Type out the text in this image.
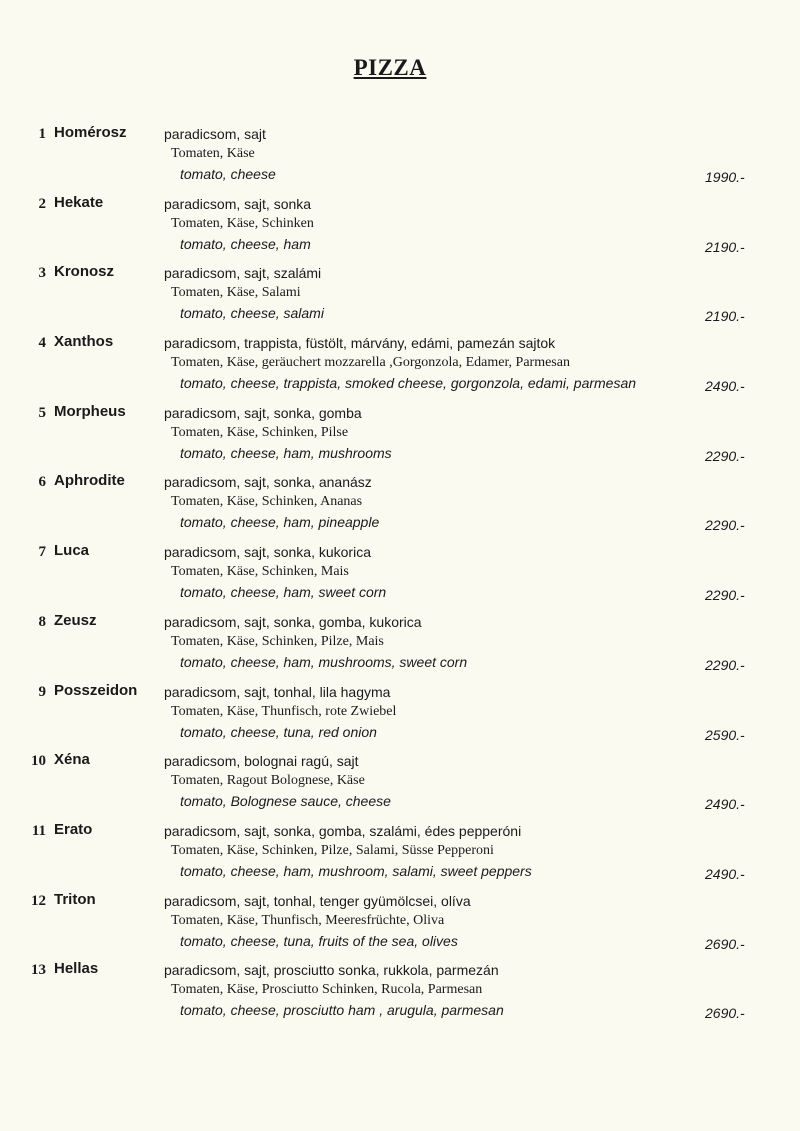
PIZZA
1 Homérosz	paradicsom, sajt
Tomaten, Käse
tomato, cheese	1990.-
2 Hekate	paradicsom, sajt, sonka
Tomaten, Käse, Schinken
tomato, cheese, ham	2190.-
3 Kronosz	paradicsom, sajt, szalámi
Tomaten, Käse, Salami
tomato, cheese, salami	2190.-
4 Xanthos	paradicsom, trappista, füstölt, márvány, edámi, pamezán sajtok
Tomaten, Käse, geräuchert mozzarella ,Gorgonzola, Edamer, Parmesan
tomato, cheese, trappista, smoked cheese, gorgonzola, edami, parmesan	2490.-
5 Morpheus	paradicsom, sajt, sonka, gomba
Tomaten, Käse, Schinken, Pilse
tomato, cheese, ham, mushrooms	2290.-
6 Aphrodite	paradicsom, sajt, sonka, ananász
Tomaten, Käse, Schinken, Ananas
tomato, cheese, ham, pineapple	2290.-
7 Luca	paradicsom, sajt, sonka, kukorica
Tomaten, Käse, Schinken, Mais
tomato, cheese, ham, sweet corn	2290.-
8 Zeusz	paradicsom, sajt, sonka, gomba, kukorica
Tomaten, Käse, Schinken, Pilze, Mais
tomato, cheese, ham, mushrooms, sweet corn	2290.-
9 Posszeidon paradicsom, sajt, tonhal, lila hagyma
Tomaten, Käse, Thunfisch, rote Zwiebel
tomato, cheese, tuna, red onion	2590.-
10 Xéna	paradicsom, bolognai ragú, sajt
Tomaten, Ragout Bolognese, Käse
tomato, Bolognese sauce, cheese	2490.-
11 Erato	paradicsom, sajt, sonka, gomba, szalámi, édes pepperóni
Tomaten, Käse, Schinken, Pilze, Salami, Süsse Pepperoni
tomato, cheese, ham, mushroom, salami, sweet peppers	2490.-
12 Triton	paradicsom, sajt, tonhal, tenger gyümölcsei, olíva
Tomaten, Käse, Thunfisch, Meeresfrüchte, Oliva
tomato, cheese, tuna, fruits of the sea, olives	2690.-
13 Hellas	paradicsom, sajt, prosciutto sonka, rukkola, parmezán
Tomaten, Käse, Prosciutto Schinken, Rucola, Parmesan
tomato, cheese, prosciutto ham , arugula, parmesan	2690.-
